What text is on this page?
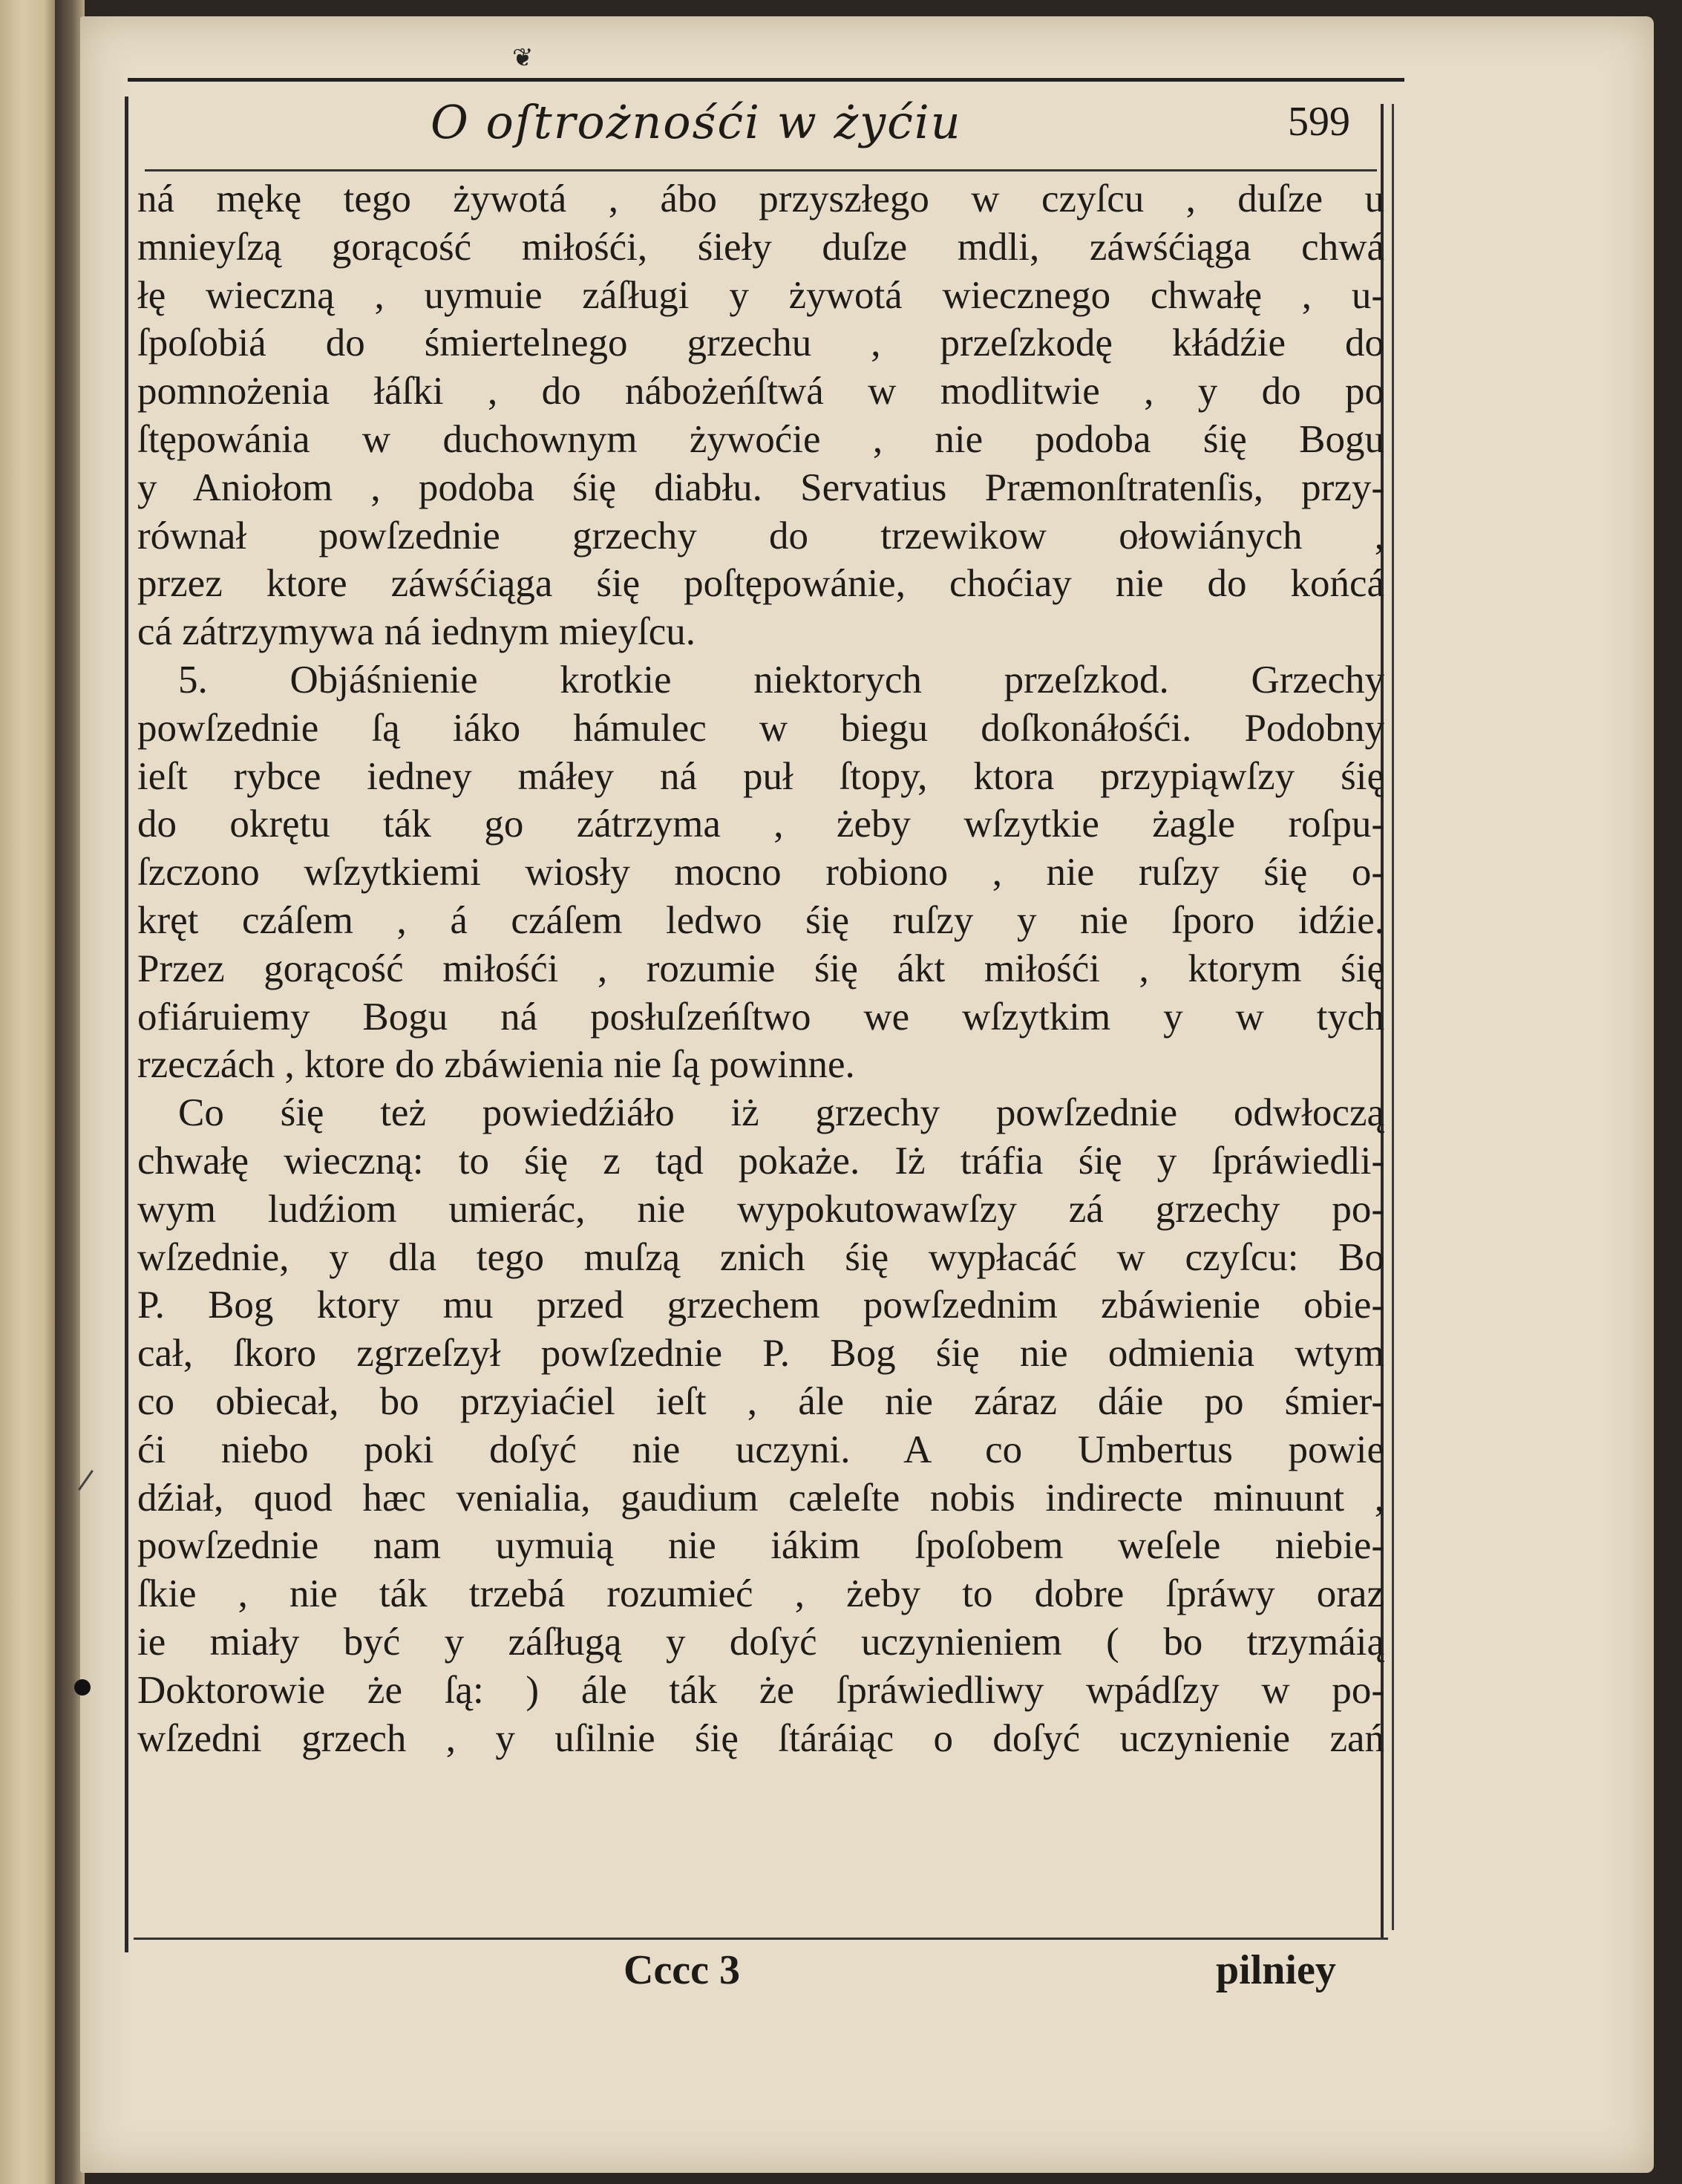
❦
O oſtrożnośći w żyćiu	599
ná mękę tego żywotá , ábo przyszłego w czyſcu , duſze u
mnieyſzą gorącość miłośći, śieły duſze mdli, záwśćiąga chwá
łę wieczną , uymuie záſługi y żywotá wiecznego chwałę , u-
ſpoſobiá do śmiertelnego grzechu , przeſzkodę kłádźie do
pomnożenia łáſki , do nábożeńſtwá w modlitwie , y do po
ſtępowánia w duchownym żywoćie , nie podoba śię Bogu
y Aniołom , podoba śię diabłu. Servatius Præmonſtratenſis, przy-
równał powſzednie grzechy do trzewikow ołowiánych ,
przez ktore záwśćiąga śię poſtępowánie, choćiay nie do końcá
cá zátrzymywa ná iednym mieyſcu.
5. Objáśnienie krotkie niektorych przeſzkod. Grzechy
powſzednie ſą iáko hámulec w biegu doſkonáłośći. Podobny
ieſt rybce iedney máłey ná puł ſtopy, ktora przypiąwſzy śię
do okrętu ták go zátrzyma , żeby wſzytkie żagle roſpu-
ſzczono wſzytkiemi wiosły mocno robiono , nie ruſzy śię o-
kręt czáſem , á czáſem ledwo śię ruſzy y nie ſporo idźie.
Przez gorącość miłośći , rozumie śię ákt miłośći , ktorym śię
ofiáruiemy Bogu ná posłuſzeńſtwo we wſzytkim y w tych
rzeczách , ktore do zbáwienia nie ſą powinne.
Co śię też powiedźiáło iż grzechy powſzednie odwłoczą
chwałę wieczną: to śię z tąd pokaże. Iż tráfia śię y ſpráwiedli-
wym ludźiom umierác, nie wypokutowawſzy zá grzechy po-
wſzednie, y dla tego muſzą znich śię wypłacáć w czyſcu: Bo
P. Bog ktory mu przed grzechem powſzednim zbáwienie obie-
cał, ſkoro zgrzeſzył powſzednie P. Bog śię nie odmienia wtym
co obiecał, bo przyiaćiel ieſt , ále nie záraz dáie po śmier-
ći niebo poki doſyć nie uczyni. A co Umbertus powie
dźiał, quod hæc venialia, gaudium cæleſte nobis indirecte minuunt ,
powſzednie nam uymuią nie iákim ſpoſobem weſele niebie-
ſkie , nie ták trzebá rozumieć , żeby to dobre ſpráwy oraz
ie miały być y záſługą y doſyć uczynieniem ( bo trzymáią
Doktorowie że ſą: ) ále ták że ſpráwiedliwy wpádſzy w po-
wſzedni grzech , y uſilnie śię ſtáráiąc o doſyć uczynienie zań
Cccc 3	pilniey
